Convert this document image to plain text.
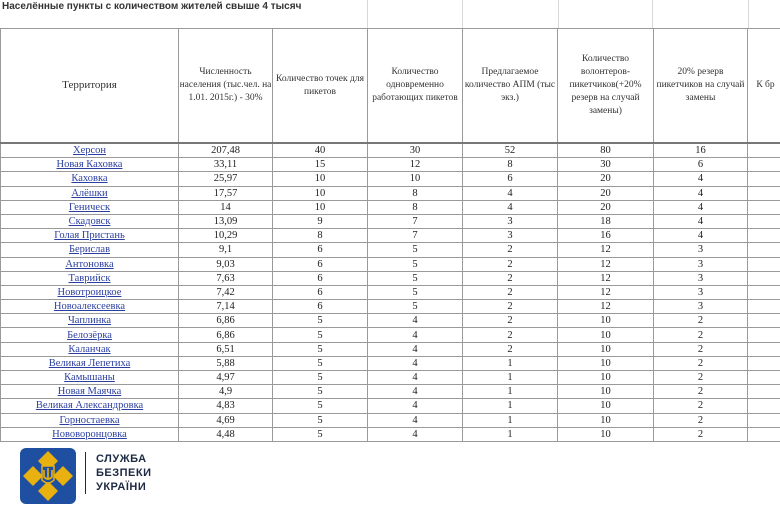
Населённые пункты с количеством жителей свыше 4 тысяч
Территория	Численность населения (тыс.чел. на 1.01. 2015г.) - 30%	Количество точек для пикетов	Количество одновременно работающих пикетов	Предлагаемое количество АПМ (тыс экз.)	Количество волонтеров-пикетчиков(+20% резерв на случай замены)	20% резерв пикетчиков на случай замены	К бр
Херсон	207,48	40	30	52	80	16	
Новая Каховка	33,11	15	12	8	30	6	
Каховка	25,97	10	10	6	20	4	
Алёшки	17,57	10	8	4	20	4	
Геническ	14	10	8	4	20	4	
Скадовск	13,09	9	7	3	18	4	
Голая Пристань	10,29	8	7	3	16	4	
Берислав	9,1	6	5	2	12	3	
Антоновка	9,03	6	5	2	12	3	
Таврийск	7,63	6	5	2	12	3	
Новотроицкое	7,42	6	5	2	12	3	
Новоалексеевка	7,14	6	5	2	12	3	
Чаплинка	6,86	5	4	2	10	2	
Белозёрка	6,86	5	4	2	10	2	
Каланчак	6,51	5	4	2	10	2	
Великая Лепетиха	5,88	5	4	1	10	2	
Камышаны	4,97	5	4	1	10	2	
Новая Маячка	4,9	5	4	1	10	2	
Великая Александровка	4,83	5	4	1	10	2	
Горностаевка	4,69	5	4	1	10	2	
Нововоронцовка	4,48	5	4	1	10	2	
СЛУЖБА
БЕЗПЕКИ
УКРАЇНИ
